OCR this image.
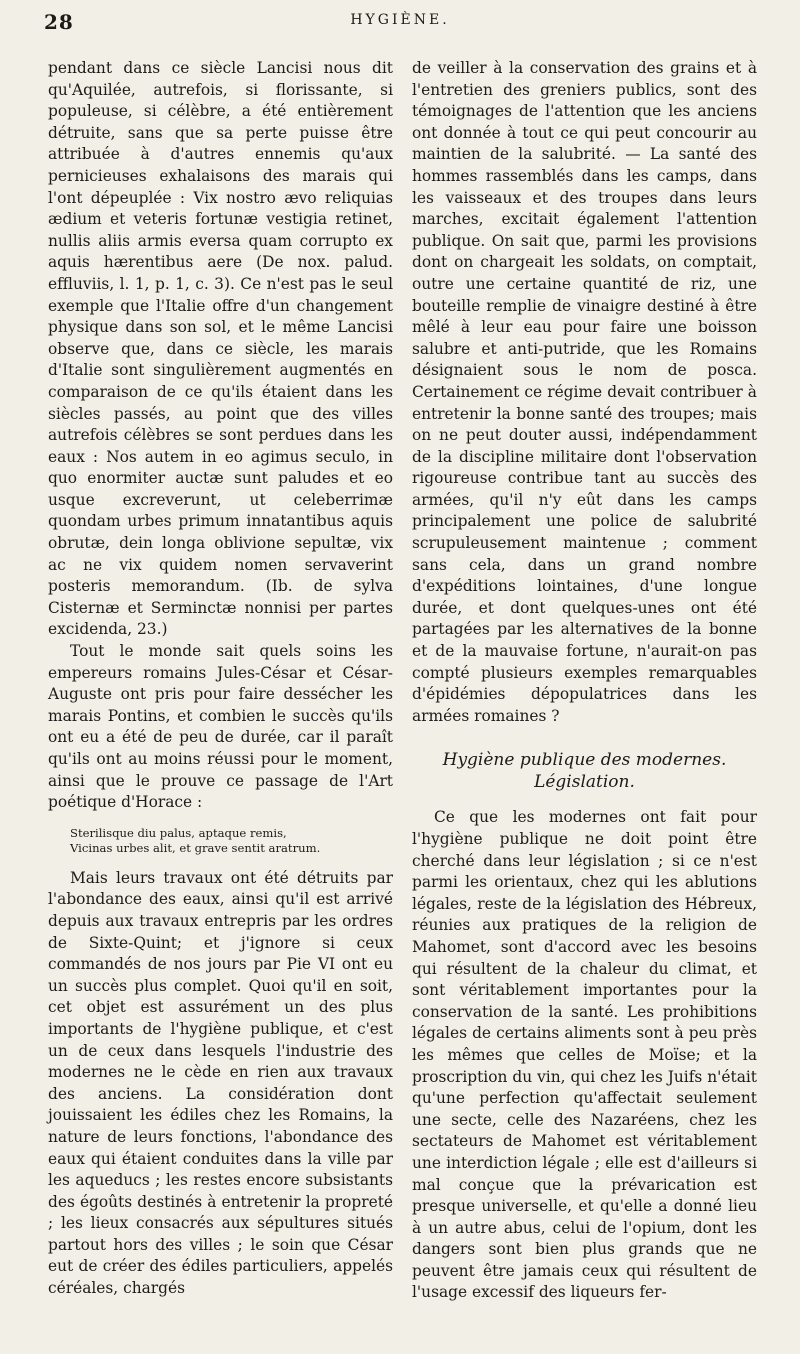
28	HYGIÈNE.

pendant dans ce siècle Lancisi nous dit qu'Aquilée, autrefois, si florissante, si populeuse, si célèbre, a été entièrement détruite, sans que sa perte puisse être attribuée à d'autres ennemis qu'aux pernicieuses exhalaisons des marais qui l'ont dépeuplée : Vix nostro ævo reliquias ædium et veteris fortunæ vestigia retinet, nullis aliis armis eversa quam corrupto ex aquis hærentibus aere (De nox. palud. effluviis, l. 1, p. 1, c. 3). Ce n'est pas le seul exemple que l'Italie offre d'un changement physique dans son sol, et le même Lancisi observe que, dans ce siècle, les marais d'Italie sont singulièrement augmentés en comparaison de ce qu'ils étaient dans les siècles passés, au point que des villes autrefois célèbres se sont perdues dans les eaux : Nos autem in eo agimus seculo, in quo enormiter auctæ sunt paludes et eo usque excreverunt, ut celeberrimæ quondam urbes primum innatantibus aquis obrutæ, dein longa oblivione sepultæ, vix ac ne vix quidem nomen servaverint posteris memorandum. (Ib. de sylva Cisternæ et Serminctæ nonnisi per partes excidenda, 23.)

Tout le monde sait quels soins les empereurs romains Jules-César et César-Auguste ont pris pour faire dessécher les marais Pontins, et combien le succès qu'ils ont eu a été de peu de durée, car il paraît qu'ils ont au moins réussi pour le moment, ainsi que le prouve ce passage de l'Art poétique d'Horace :

Sterilisque diu palus, aptaque remis,
Vicinas urbes alit, et grave sentit aratrum.

Mais leurs travaux ont été détruits par l'abondance des eaux, ainsi qu'il est arrivé depuis aux travaux entrepris par les ordres de Sixte-Quint; et j'ignore si ceux commandés de nos jours par Pie VI ont eu un succès plus complet. Quoi qu'il en soit, cet objet est assurément un des plus importants de l'hygiène publique, et c'est un de ceux dans lesquels l'industrie des modernes ne le cède en rien aux travaux des anciens. La considération dont jouissaient les édiles chez les Romains, la nature de leurs fonctions, l'abondance des eaux qui étaient conduites dans la ville par les aqueducs ; les restes encore subsistants des égoûts destinés à entretenir la propreté ; les lieux consacrés aux sépultures situés partout hors des villes ; le soin que César eut de créer des édiles particuliers, appelés céréales, chargés

de veiller à la conservation des grains et à l'entretien des greniers publics, sont des témoignages de l'attention que les anciens ont donnée à tout ce qui peut concourir au maintien de la salubrité. — La santé des hommes rassemblés dans les camps, dans les vaisseaux et des troupes dans leurs marches, excitait également l'attention publique. On sait que, parmi les provisions dont on chargeait les soldats, on comptait, outre une certaine quantité de riz, une bouteille remplie de vinaigre destiné à être mêlé à leur eau pour faire une boisson salubre et anti-putride, que les Romains désignaient sous le nom de posca. Certainement ce régime devait contribuer à entretenir la bonne santé des troupes; mais on ne peut douter aussi, indépendamment de la discipline militaire dont l'observation rigoureuse contribue tant au succès des armées, qu'il n'y eût dans les camps principalement une police de salubrité scrupuleusement maintenue ; comment sans cela, dans un grand nombre d'expéditions lointaines, d'une longue durée, et dont quelques-unes ont été partagées par les alternatives de la bonne et de la mauvaise fortune, n'aurait-on pas compté plusieurs exemples remarquables d'épidémies dépopulatrices dans les armées romaines ?

Hygiène publique des modernes.
Législation.

Ce que les modernes ont fait pour l'hygiène publique ne doit point être cherché dans leur législation ; si ce n'est parmi les orientaux, chez qui les ablutions légales, reste de la législation des Hébreux, réunies aux pratiques de la religion de Mahomet, sont d'accord avec les besoins qui résultent de la chaleur du climat, et sont véritablement importantes pour la conservation de la santé. Les prohibitions légales de certains aliments sont à peu près les mêmes que celles de Moïse; et la proscription du vin, qui chez les Juifs n'était qu'une perfection qu'affectait seulement une secte, celle des Nazaréens, chez les sectateurs de Mahomet est véritablement une interdiction légale ; elle est d'ailleurs si mal conçue que la prévarication est presque universelle, et qu'elle a donné lieu à un autre abus, celui de l'opium, dont les dangers sont bien plus grands que ne peuvent être jamais ceux qui résultent de l'usage excessif des liqueurs fer-
